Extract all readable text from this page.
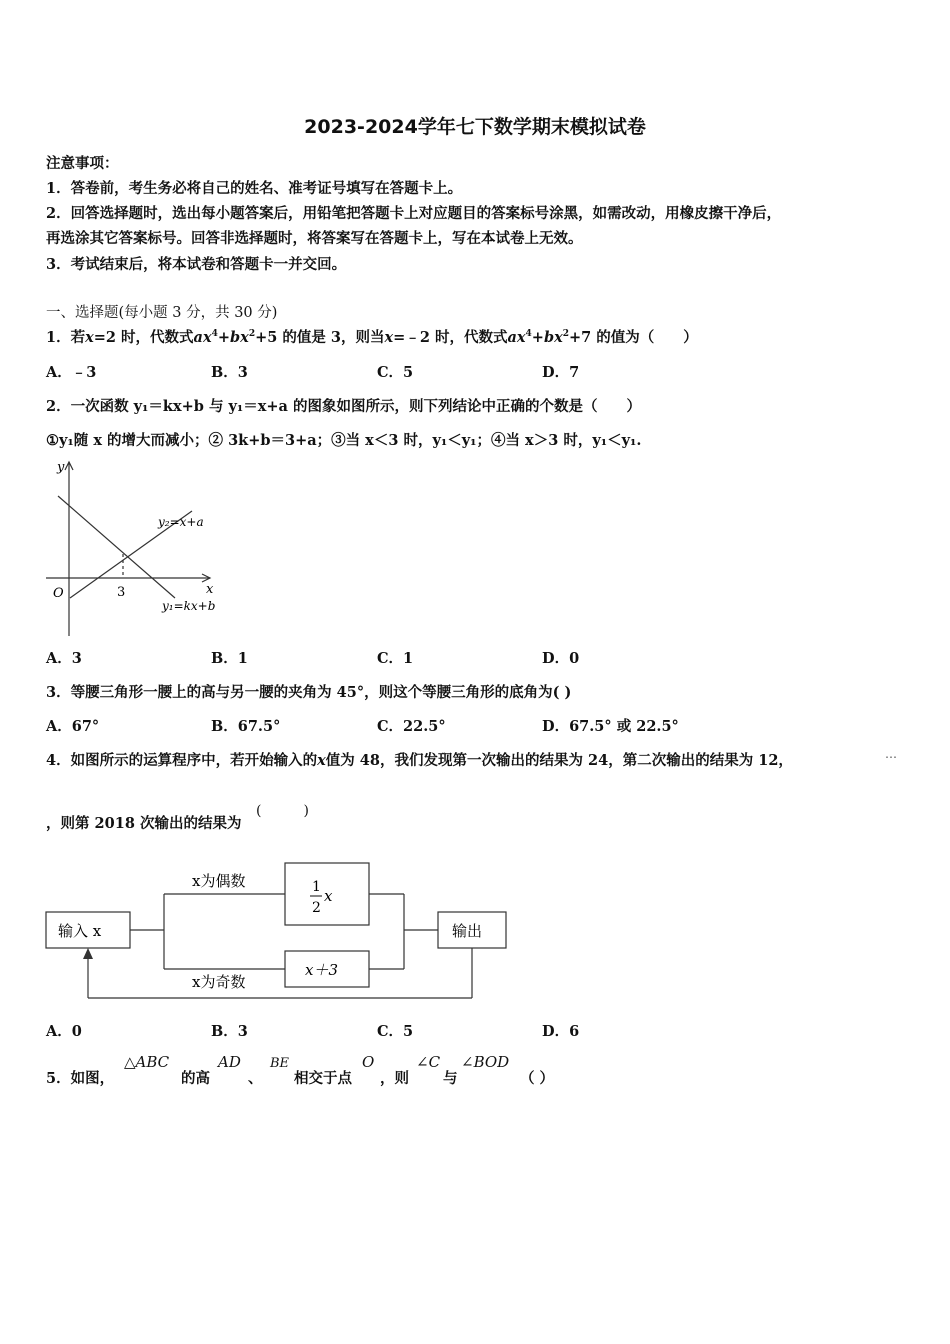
2023-2024学年七下数学期末模拟试卷
注意事项：
1．答卷前，考生务必将自己的姓名、准考证号填写在答题卡上。
2．回答选择题时，选出每小题答案后，用铅笔把答题卡上对应题目的答案标号涂黑，如需改动，用橡皮擦干净后，
再选涂其它答案标号。回答非选择题时，将答案写在答题卡上，写在本试卷上无效。
3．考试结束后，将本试卷和答题卡一并交回。
一、选择题(每小题 3 分，共 30 分)
1．若x=2 时，代数式$ax^4+bx^2+5$ 的值是 3，则当x=﹣2 时，代数式$ax^4+bx^2+7$ 的值为（　　）
A．﹣3	B．3	C．5	D．7
2．一次函数 y₁＝kx+b 与 y₁＝x+a 的图象如图所示，则下列结论中正确的个数是（　　）
①y₁随 x 的增大而减小；② 3k+b＝3+a；③当 x＜3 时，y₁＜y₁；④当 x＞3 时，y₁＜y₁.
y
x
O	3
y₂=x+a
y₁=kx+b
A．3	B．1	C．1	D．0
3．等腰三角形一腰上的高与另一腰的夹角为 45°，则这个等腰三角形的底角为( )
A．67°	B．67.5°	C．22.5°	D．67.5° 或 22.5°
4．如图所示的运算程序中，若开始输入的x值为 48，我们发现第一次输出的结果为 24，第二次输出的结果为 12，	…
，则第 2018 次输出的结果为
(　　　)
输入 x
x为偶数
x为奇数
1
2
x
x＋3
输出
A．0	B．3	C．5	D．6
5．如图，
△ABC
的高
AD
、
BE
相交于点
O
，则
∠C
与
∠BOD
（ ）
